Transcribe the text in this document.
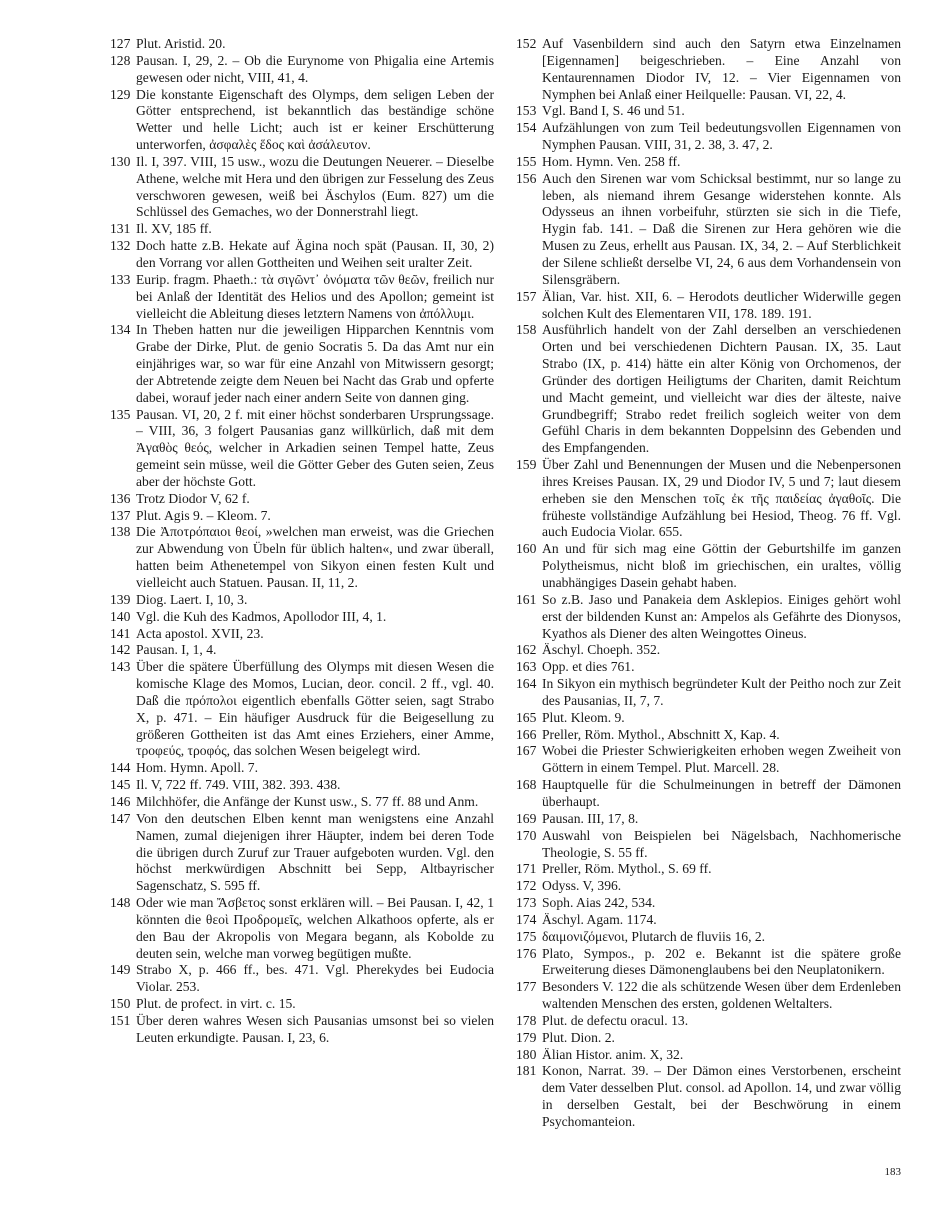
127 Plut. Aristid. 20.

128 Pausan. I, 29, 2. – Ob die Eurynome von Phigalia eine Artemis gewesen oder nicht, VIII, 41, 4.

129 Die konstante Eigenschaft des Olymps, dem seligen Leben der Götter entsprechend, ist bekanntlich das beständige schöne Wetter und helle Licht; auch ist er keiner Erschütterung unterworfen, ἀσφαλὲς ἕδος καὶ ἀσάλευτον.

130 Il. I, 397. VIII, 15 usw., wozu die Deutungen Neuerer. – Dieselbe Athene, welche mit Hera und den übrigen zur Fesselung des Zeus verschworen gewesen, weiß bei Äschylos (Eum. 827) um die Schlüssel des Gemaches, wo der Donnerstrahl liegt.

131 Il. XV, 185 ff.

132 Doch hatte z.B. Hekate auf Ägina noch spät (Pausan. II, 30, 2) den Vorrang vor allen Gottheiten und Weihen seit uralter Zeit.

133 Eurip. fragm. Phaeth.: τὰ σιγῶντ᾽ ὀνόματα τῶν θεῶν, freilich nur bei Anlaß der Identität des Helios und des Apollon; gemeint ist vielleicht die Ableitung dieses letztern Namens von ἀπόλλυμι.

134 In Theben hatten nur die jeweiligen Hipparchen Kenntnis vom Grabe der Dirke, Plut. de genio Socratis 5. Da das Amt nur ein einjähriges war, so war für eine Anzahl von Mitwissern gesorgt; der Abtretende zeigte dem Neuen bei Nacht das Grab und opferte dabei, worauf jeder nach einer andern Seite von dannen ging.

135 Pausan. VI, 20, 2 f. mit einer höchst sonderbaren Ursprungssage. – VIII, 36, 3 folgert Pausanias ganz willkürlich, daß mit dem Ἀγαθὸς θεός, welcher in Arkadien seinen Tempel hatte, Zeus gemeint sein müsse, weil die Götter Geber des Guten seien, Zeus aber der höchste Gott.

136 Trotz Diodor V, 62 f.

137 Plut. Agis 9. – Kleom. 7.

138 Die Ἀποτρόπαιοι θεοί, »welchen man erweist, was die Griechen zur Abwendung von Übeln für üblich halten«, und zwar überall, hatten beim Athenetempel von Sikyon einen festen Kult und vielleicht auch Statuen. Pausan. II, 11, 2.

139 Diog. Laert. I, 10, 3.

140 Vgl. die Kuh des Kadmos, Apollodor III, 4, 1.

141 Acta apostol. XVII, 23.

142 Pausan. I, 1, 4.

143 Über die spätere Überfüllung des Olymps mit diesen Wesen die komische Klage des Momos, Lucian, deor. concil. 2 ff., vgl. 40. Daß die πρόπολοι eigentlich ebenfalls Götter seien, sagt Strabo X, p. 471. – Ein häufiger Ausdruck für die Beigesellung zu größeren Gottheiten ist das Amt eines Erziehers, einer Amme, τροφεύς, τροφός, das solchen Wesen beigelegt wird.

144 Hom. Hymn. Apoll. 7.

145 Il. V, 722 ff. 749. VIII, 382. 393. 438.

146 Milchhöfer, die Anfänge der Kunst usw., S. 77 ff. 88 und Anm.

147 Von den deutschen Elben kennt man wenigstens eine Anzahl Namen, zumal diejenigen ihrer Häupter, indem bei deren Tode die übrigen durch Zuruf zur Trauer aufgeboten wurden. Vgl. den höchst merkwürdigen Abschnitt bei Sepp, Altbayrischer Sagenschatz, S. 595 ff.

148 Oder wie man Ἄσβετος sonst erklären will. – Bei Pausan. I, 42, 1 könnten die θεοὶ Προδρομεῖς, welchen Alkathoos opferte, als er den Bau der Akropolis von Megara begann, als Kobolde zu deuten sein, welche man vorweg begütigen mußte.

149 Strabo X, p. 466 ff., bes. 471. Vgl. Pherekydes bei Eudocia Violar. 253.

150 Plut. de profect. in virt. c. 15.

151 Über deren wahres Wesen sich Pausanias umsonst bei so vielen Leuten erkundigte. Pausan. I, 23, 6.

152 Auf Vasenbildern sind auch den Satyrn etwa Einzelnamen [Eigennamen] beigeschrieben. – Eine Anzahl von Kentaurennamen Diodor IV, 12. – Vier Eigennamen von Nymphen bei Anlaß einer Heilquelle: Pausan. VI, 22, 4.

153 Vgl. Band I, S. 46 und 51.

154 Aufzählungen von zum Teil bedeutungsvollen Eigennamen von Nymphen Pausan. VIII, 31, 2. 38, 3. 47, 2.

155 Hom. Hymn. Ven. 258 ff.

156 Auch den Sirenen war vom Schicksal bestimmt, nur so lange zu leben, als niemand ihrem Gesange widerstehen konnte. Als Odysseus an ihnen vorbeifuhr, stürzten sie sich in die Tiefe, Hygin fab. 141. – Daß die Sirenen zur Hera gehören wie die Musen zu Zeus, erhellt aus Pausan. IX, 34, 2. – Auf Sterblichkeit der Silene schließt derselbe VI, 24, 6 aus dem Vorhandensein von Silensgräbern.

157 Älian, Var. hist. XII, 6. – Herodots deutlicher Widerwille gegen solchen Kult des Elementaren VII, 178. 189. 191.

158 Ausführlich handelt von der Zahl derselben an verschiedenen Orten und bei verschiedenen Dichtern Pausan. IX, 35. Laut Strabo (IX, p. 414) hätte ein alter König von Orchomenos, der Gründer des dortigen Heiligtums der Chariten, damit Reichtum und Macht gemeint, und vielleicht war dies der älteste, naive Grundbegriff; Strabo redet freilich sogleich weiter von dem Gefühl Charis in dem bekannten Doppelsinn des Gebenden und des Empfangenden.

159 Über Zahl und Benennungen der Musen und die Nebenpersonen ihres Kreises Pausan. IX, 29 und Diodor IV, 5 und 7; laut diesem erheben sie den Menschen τοῖς ἐκ τῆς παιδείας ἀγαθοῖς. Die früheste vollständige Aufzählung bei Hesiod, Theog. 76 ff. Vgl. auch Eudocia Violar. 655.

160 An und für sich mag eine Göttin der Geburtshilfe im ganzen Polytheismus, nicht bloß im griechischen, ein uraltes, völlig unabhängiges Dasein gehabt haben.

161 So z.B. Jaso und Panakeia dem Asklepios. Einiges gehört wohl erst der bildenden Kunst an: Ampelos als Gefährte des Dionysos, Kyathos als Diener des alten Weingottes Oineus.

162 Äschyl. Choeph. 352.

163 Opp. et dies 761.

164 In Sikyon ein mythisch begründeter Kult der Peitho noch zur Zeit des Pausanias, II, 7, 7.

165 Plut. Kleom. 9.

166 Preller, Röm. Mythol., Abschnitt X, Kap. 4.

167 Wobei die Priester Schwierigkeiten erhoben wegen Zweiheit von Göttern in einem Tempel. Plut. Marcell. 28.

168 Hauptquelle für die Schulmeinungen in betreff der Dämonen überhaupt.

169 Pausan. III, 17, 8.

170 Auswahl von Beispielen bei Nägelsbach, Nachhomerische Theologie, S. 55 ff.

171 Preller, Röm. Mythol., S. 69 ff.

172 Odyss. V, 396.

173 Soph. Aias 242, 534.

174 Äschyl. Agam. 1174.

175 δαιμονιζόμενοι, Plutarch de fluviis 16, 2.

176 Plato, Sympos., p. 202 e. Bekannt ist die spätere große Erweiterung dieses Dämonenglaubens bei den Neuplatonikern.

177 Besonders V. 122 die als schützende Wesen über dem Erdenleben waltenden Menschen des ersten, goldenen Weltalters.

178 Plut. de defectu oracul. 13.

179 Plut. Dion. 2.

180 Älian Histor. anim. X, 32.

181 Konon, Narrat. 39. – Der Dämon eines Verstorbenen, erscheint dem Vater desselben Plut. consol. ad Apollon. 14, und zwar völlig in derselben Gestalt, bei der Beschwörung in einem Psychomanteion.

183
